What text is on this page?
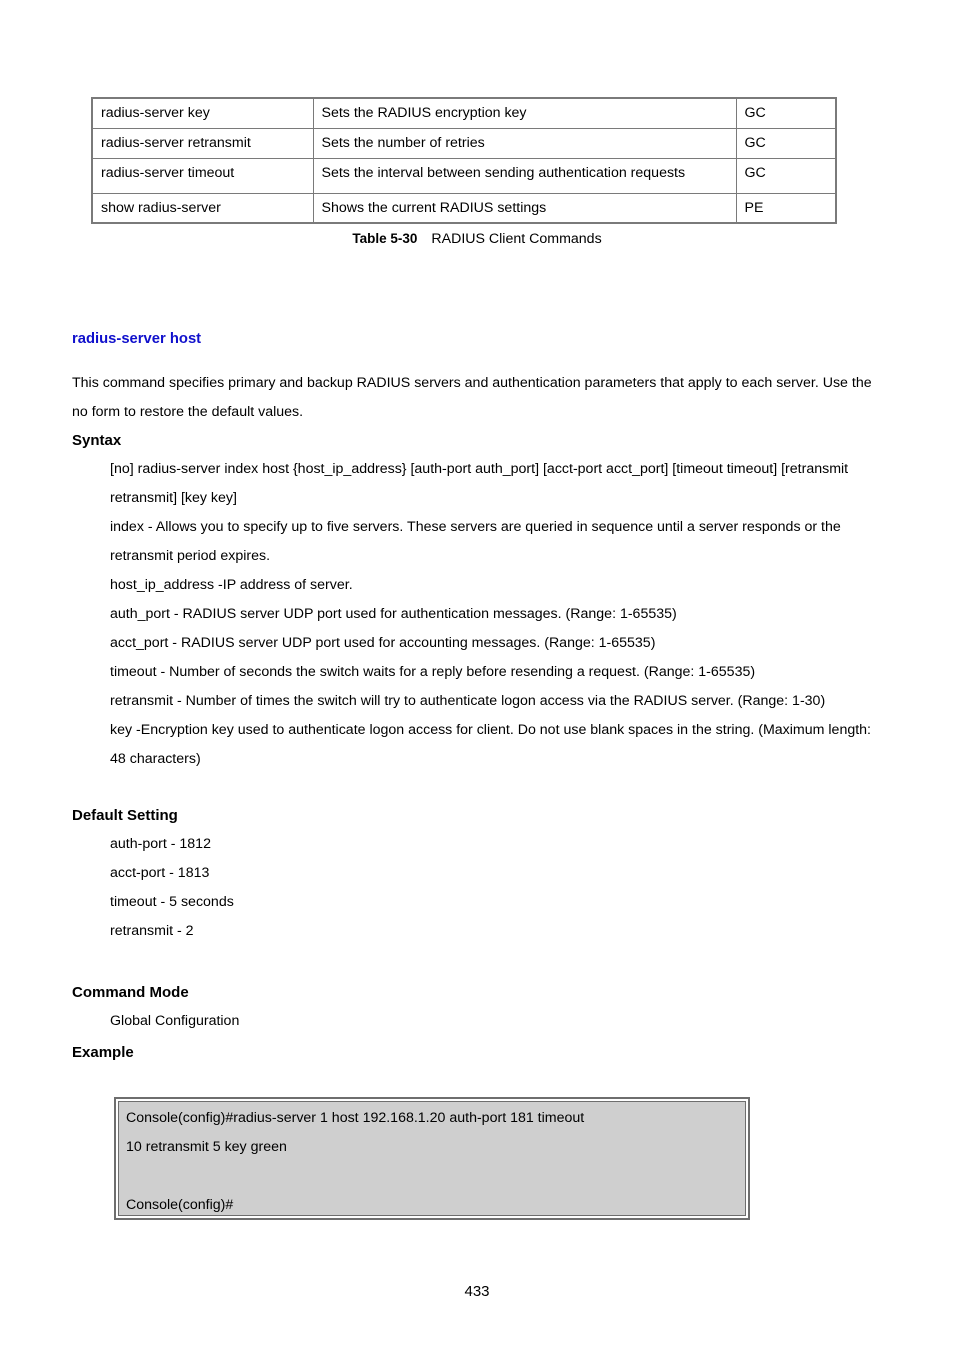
radius-server key	Sets the RADIUS encryption key	GC
radius-server retransmit	Sets the number of retries	GC
radius-server timeout	Sets the interval between sending authentication requests	GC
show radius-server	Shows the current RADIUS settings	PE
Table 5-30 RADIUS Client Commands
radius-server host
This command specifies primary and backup RADIUS servers and authentication parameters that apply to each server. Use the
no form to restore the default values.
Syntax
[no] radius-server index host {host_ip_address} [auth-port auth_port] [acct-port acct_port] [timeout timeout] [retransmit
retransmit] [key key]
index - Allows you to specify up to five servers. These servers are queried in sequence until a server responds or the
retransmit period expires.
host_ip_address -IP address of server.
auth_port - RADIUS server UDP port used for authentication messages. (Range: 1-65535)
acct_port - RADIUS server UDP port used for accounting messages. (Range: 1-65535)
timeout - Number of seconds the switch waits for a reply before resending a request. (Range: 1-65535)
retransmit - Number of times the switch will try to authenticate logon access via the RADIUS server. (Range: 1-30)
key -Encryption key used to authenticate logon access for client. Do not use blank spaces in the string. (Maximum length:
48 characters)
Default Setting
auth-port - 1812
acct-port - 1813
timeout - 5 seconds
retransmit - 2
Command Mode
Global Configuration
Example
Console(config)#radius-server 1 host 192.168.1.20 auth-port 181 timeout
10 retransmit 5 key green
Console(config)#
433
